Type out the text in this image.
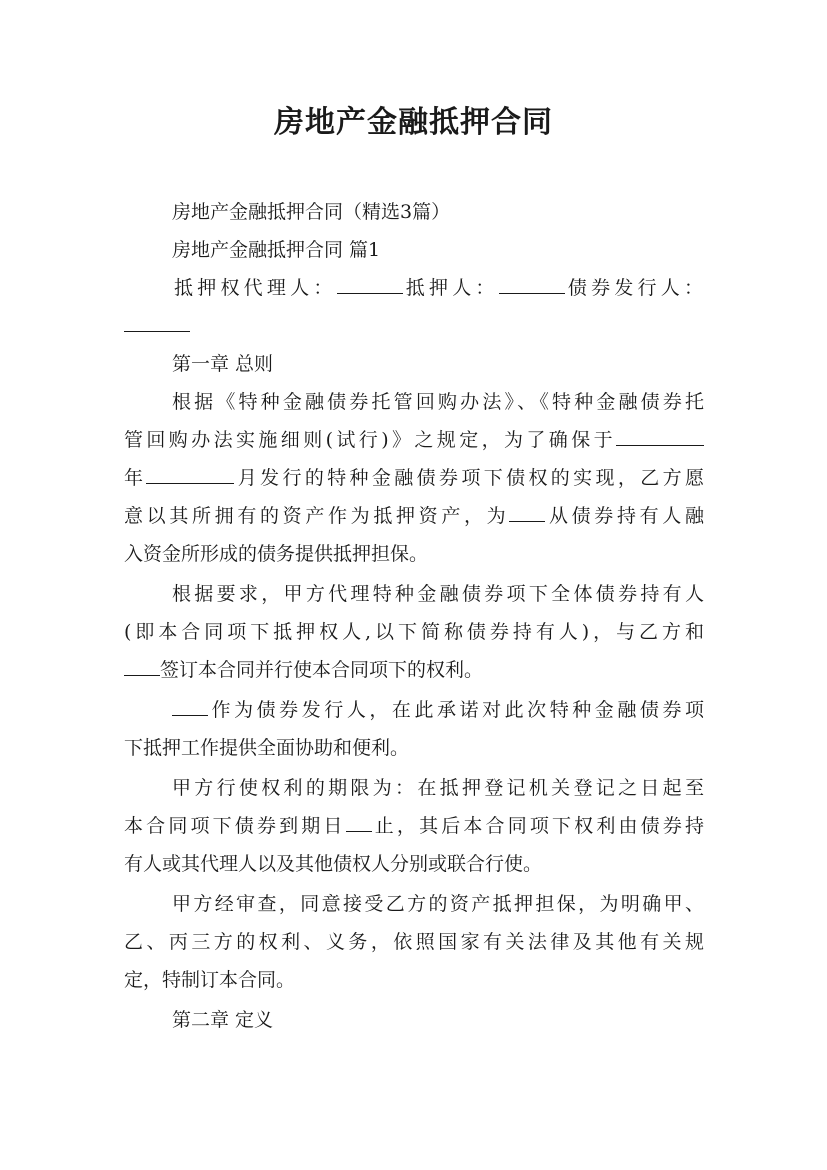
房地产金融抵押合同

房地产金融抵押合同（精选3篇）

房地产金融抵押合同 篇1

抵押权代理人：	抵押人：	债券发行人：

第一章 总则

根据《特种金融债券托管回购办法》、《特种金融债券托

管回购办法实施细则(试行)》之规定，为了确保于

年	月发行的特种金融债券项下债权的实现，乙方愿

意以其所拥有的资产作为抵押资产，为 从债券持有人融

入资金所形成的债务提供抵押担保。

根据要求，甲方代理特种金融债券项下全体债券持有人

(即本合同项下抵押权人,以下简称债券持有人)，与乙方和

签订本合同并行使本合同项下的权利。

作为债券发行人，在此承诺对此次特种金融债券项

下抵押工作提供全面协助和便利。

甲方行使权利的期限为：在抵押登记机关登记之日起至

本合同项下债券到期日 止，其后本合同项下权利由债券持

有人或其代理人以及其他债权人分别或联合行使。

甲方经审查，同意接受乙方的资产抵押担保，为明确甲、

乙、丙三方的权利、义务，依照国家有关法律及其他有关规

定，特制订本合同。

第二章 定义
